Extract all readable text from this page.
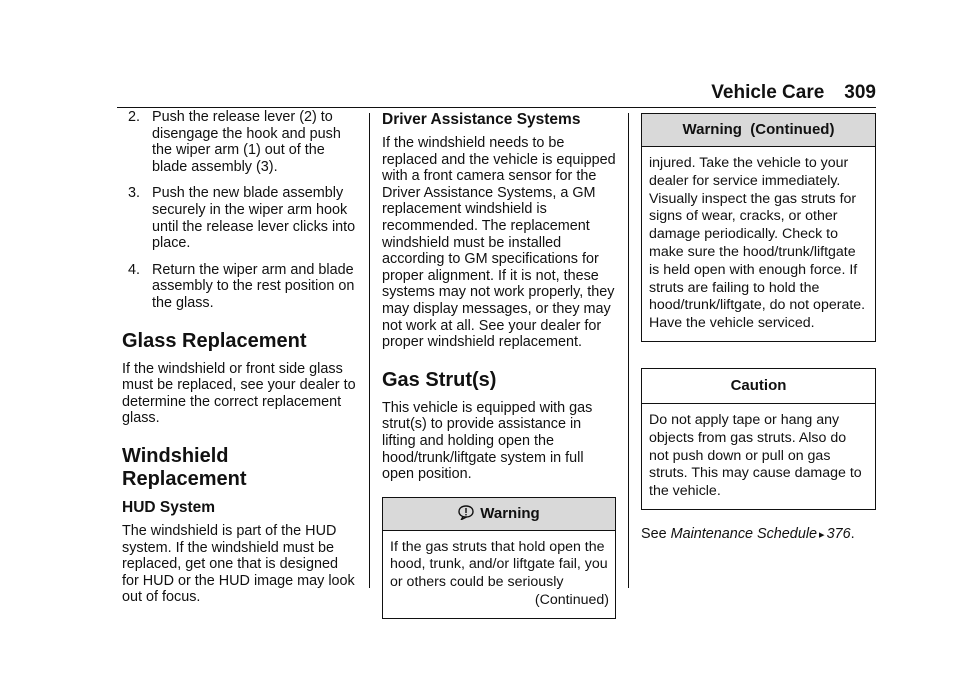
Vehicle Care 309
2. Push the release lever (2) to disengage the hook and push the wiper arm (1) out of the blade assembly (3).
3. Push the new blade assembly securely in the wiper arm hook until the release lever clicks into place.
4. Return the wiper arm and blade assembly to the rest position on the glass.
Glass Replacement

If the windshield or front side glass must be replaced, see your dealer to determine the correct replacement glass.

Windshield Replacement
HUD System

The windshield is part of the HUD system. If the windshield must be replaced, get one that is designed for HUD or the HUD image may look out of focus.

Driver Assistance Systems

If the windshield needs to be replaced and the vehicle is equipped with a front camera sensor for the Driver Assistance Systems, a GM replacement windshield is recommended. The replacement windshield must be installed according to GM specifications for proper alignment. If it is not, these systems may not work properly, they may display messages, or they may not work at all. See your dealer for proper windshield replacement.

Gas Strut(s)

This vehicle is equipped with gas strut(s) to provide assistance in lifting and holding open the hood/trunk/liftgate system in full open position.

Warning

If the gas struts that hold open the hood, trunk, and/or liftgate fail, you or others could be seriously

(Continued)
Warning  (Continued)
injured. Take the vehicle to your dealer for service immediately. Visually inspect the gas struts for signs of wear, cracks, or other damage periodically. Check to make sure the hood/trunk/liftgate is held open with enough force. If struts are failing to hold the hood/trunk/liftgate, do not operate. Have the vehicle serviced.
Caution
Do not apply tape or hang any objects from gas struts. Also do not push down or pull on gas struts. This may cause damage to the vehicle.

See Maintenance Schedule ▸ 376.
